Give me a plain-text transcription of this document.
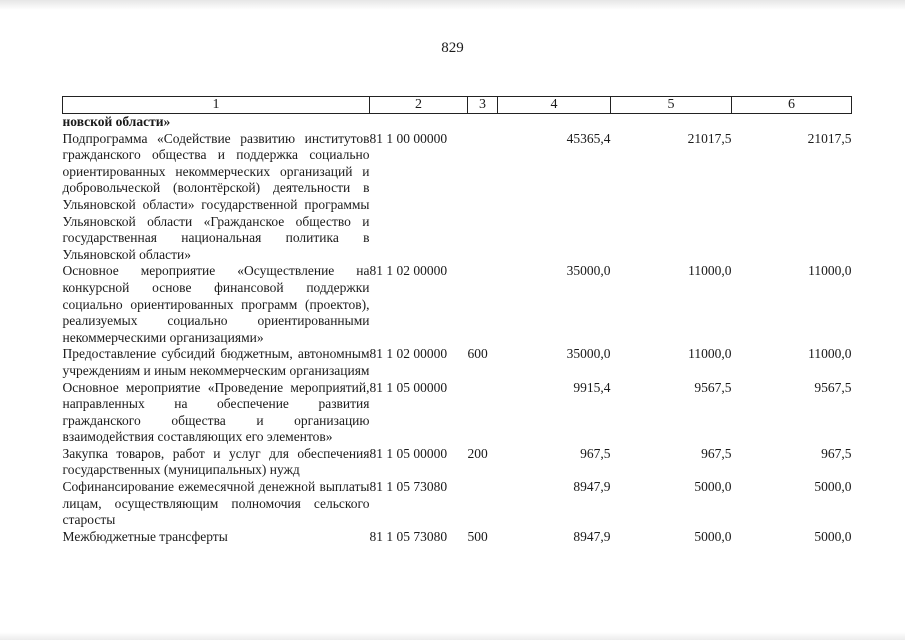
829
1	2	3	4	5	6
новской области»					
Подпрограмма «Содействие развитию институтов гражданского общества и поддержка социально ориентированных некоммерческих организаций и добровольческой (волонтёрской) деятельности в Ульяновской области» государственной программы Ульяновской области «Гражданское общество и государственная национальная политика в Ульяновской области»	81 1 00 00000		45365,4	21017,5	21017,5
Основное мероприятие «Осуществление на конкурсной основе финансовой поддержки социально ориентированных программ (проектов), реализуемых социально ориентированными некоммерческими организациями»	81 1 02 00000		35000,0	11000,0	11000,0
Предоставление субсидий бюджетным, автономным учреждениям и иным некоммерческим организациям	81 1 02 00000	600	35000,0	11000,0	11000,0
Основное мероприятие «Проведение мероприятий, направленных на обеспечение развития гражданского общества и организацию взаимодействия составляющих его элементов»	81 1 05 00000		9915,4	9567,5	9567,5
Закупка товаров, работ и услуг для обеспечения государственных (муниципальных) нужд	81 1 05 00000	200	967,5	967,5	967,5
Софинансирование ежемесячной денежной выплаты лицам, осуществляющим полномочия сельского старосты	81 1 05 73080		8947,9	5000,0	5000,0
Межбюджетные трансферты	81 1 05 73080	500	8947,9	5000,0	5000,0
